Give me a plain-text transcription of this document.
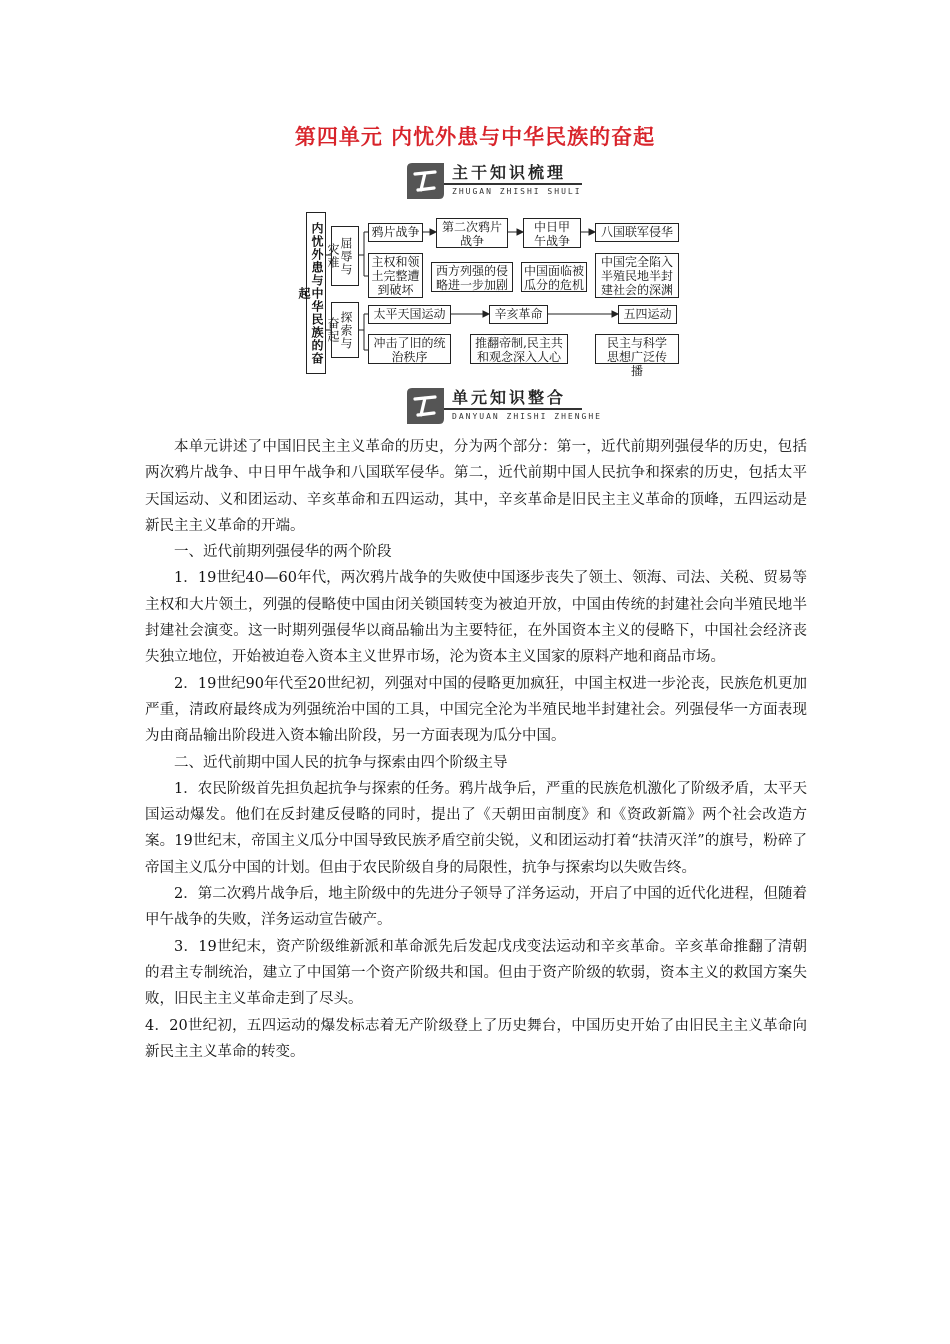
第四单元 内忧外患与中华民族的奋起
主干知识梳理
ZHUGAN ZHISHI SHULI
内忧外患与中华民族的奋起
屈辱与灾难
探索与奋起
鸦片战争	第二次鸦片战争
中日甲午战争
八国联军侵华
主权和领土完整遭到破坏
西方列强的侵略进一步加剧
中国面临被瓜分的危机
中国完全陷入半殖民地半封建社会的深渊
太平天国运动	辛亥革命	五四运动
冲击了旧的统治秩序
推翻帝制,民主共和观念深入人心
民主与科学思想广泛传播
单元知识整合
DANYUAN ZHISHI ZHENGHE

本单元讲述了中国旧民主主义革命的历史，分为两个部分：第一，近代前期列强侵华的历史，包括两次鸦片战争、中日甲午战争和八国联军侵华。第二，近代前期中国人民抗争和探索的历史，包括太平天国运动、义和团运动、辛亥革命和五四运动，其中，辛亥革命是旧民主主义革命的顶峰，五四运动是新民主主义革命的开端。

一、近代前期列强侵华的两个阶段

1．19世纪40—60年代，两次鸦片战争的失败使中国逐步丧失了领土、领海、司法、关税、贸易等主权和大片领土，列强的侵略使中国由闭关锁国转变为被迫开放，中国由传统的封建社会向半殖民地半封建社会演变。这一时期列强侵华以商品输出为主要特征，在外国资本主义的侵略下，中国社会经济丧失独立地位，开始被迫卷入资本主义世界市场，沦为资本主义国家的原料产地和商品市场。

2．19世纪90年代至20世纪初，列强对中国的侵略更加疯狂，中国主权进一步沦丧，民族危机更加严重，清政府最终成为列强统治中国的工具，中国完全沦为半殖民地半封建社会。列强侵华一方面表现为由商品输出阶段进入资本输出阶段，另一方面表现为瓜分中国。

二、近代前期中国人民的抗争与探索由四个阶级主导

1．农民阶级首先担负起抗争与探索的任务。鸦片战争后，严重的民族危机激化了阶级矛盾，太平天国运动爆发。他们在反封建反侵略的同时，提出了《天朝田亩制度》和《资政新篇》两个社会改造方案。19世纪末，帝国主义瓜分中国导致民族矛盾空前尖锐，义和团运动打着“扶清灭洋”的旗号，粉碎了帝国主义瓜分中国的计划。但由于农民阶级自身的局限性，抗争与探索均以失败告终。

2．第二次鸦片战争后，地主阶级中的先进分子领导了洋务运动，开启了中国的近代化进程，但随着甲午战争的失败，洋务运动宣告破产。

3．19世纪末，资产阶级维新派和革命派先后发起戊戌变法运动和辛亥革命。辛亥革命推翻了清朝的君主专制统治，建立了中国第一个资产阶级共和国。但由于资产阶级的软弱，资本主义的救国方案失败，旧民主主义革命走到了尽头。

4．20世纪初，五四运动的爆发标志着无产阶级登上了历史舞台，中国历史开始了由旧民主主义革命向新民主主义革命的转变。
